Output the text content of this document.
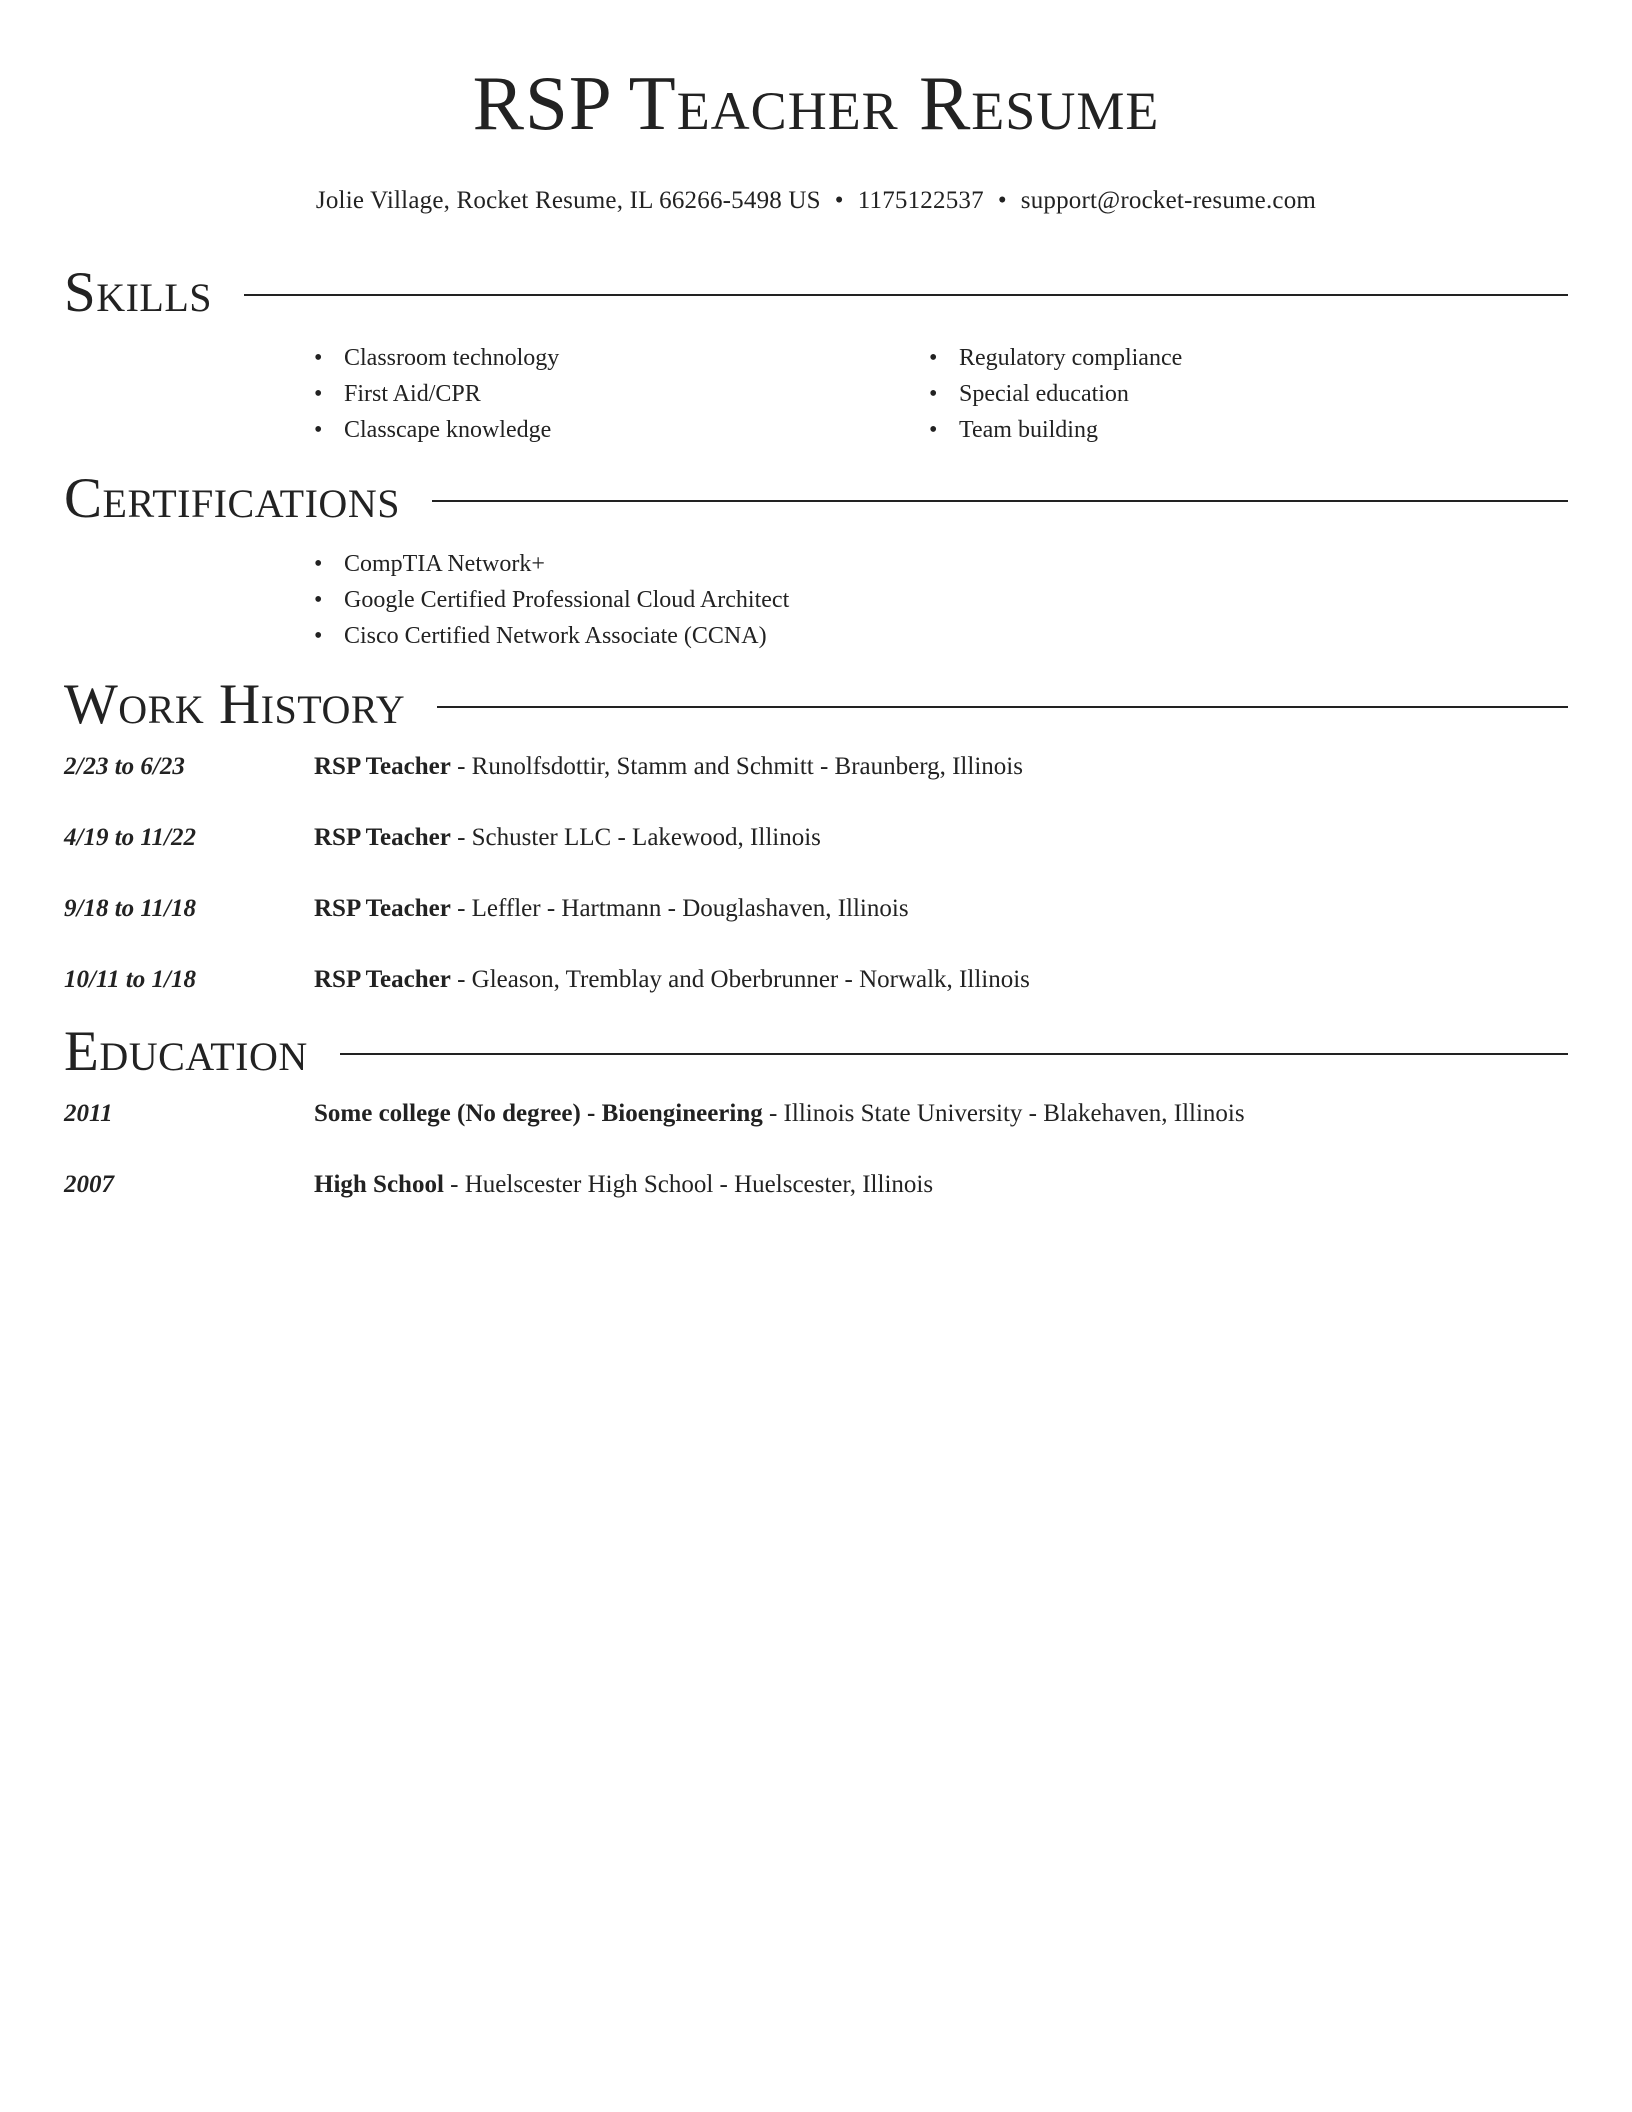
RSP Teacher Resume
Jolie Village, Rocket Resume, IL 66266-5498 US • 1175122537 • support@rocket-resume.com
Skills
• Classroom technology
• First Aid/CPR
• Classcape knowledge
• Regulatory compliance
• Special education
• Team building
Certifications
• CompTIA Network+
• Google Certified Professional Cloud Architect
• Cisco Certified Network Associate (CCNA)
Work History
2/23 to 6/23	RSP Teacher - Runolfsdottir, Stamm and Schmitt - Braunberg, Illinois
4/19 to 11/22	RSP Teacher - Schuster LLC - Lakewood, Illinois
9/18 to 11/18	RSP Teacher - Leffler - Hartmann - Douglashaven, Illinois
10/11 to 1/18	RSP Teacher - Gleason, Tremblay and Oberbrunner - Norwalk, Illinois
Education
2011	Some college (No degree) - Bioengineering - Illinois State University - Blakehaven, Illinois
2007	High School - Huelscester High School - Huelscester, Illinois
